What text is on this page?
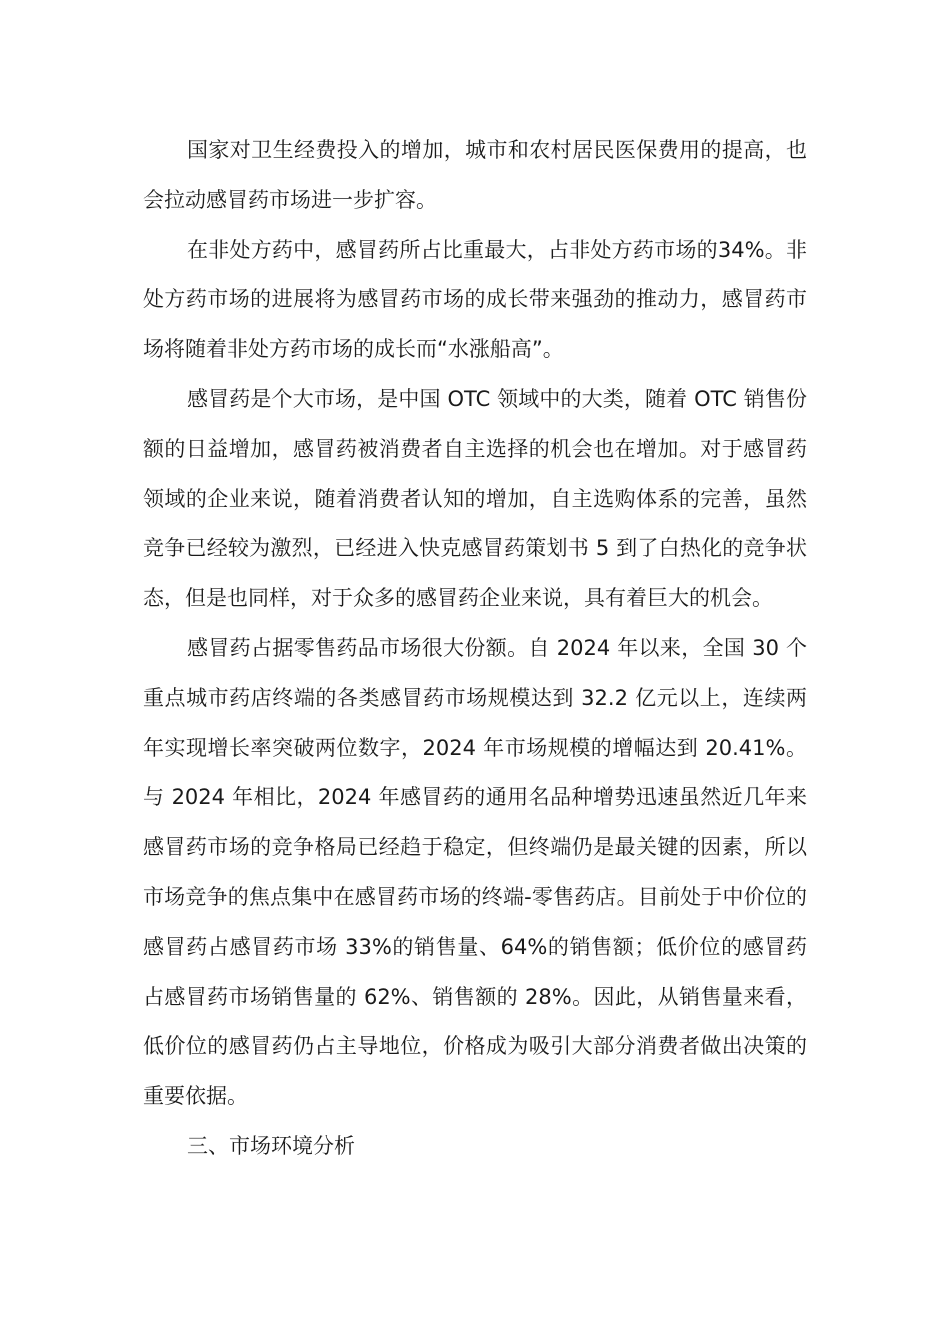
国家对卫生经费投入的增加，城市和农村居民医保费用的提高，也会拉动感冒药市场进一步扩容。

在非处方药中，感冒药所占比重最大，占非处方药市场的34%。非处方药市场的进展将为感冒药市场的成长带来强劲的推动力，感冒药市场将随着非处方药市场的成长而“水涨船高”。

感冒药是个大市场，是中国 OTC 领域中的大类，随着 OTC 销售份额的日益增加，感冒药被消费者自主选择的机会也在增加。对于感冒药领域的企业来说，随着消费者认知的增加，自主选购体系的完善，虽然竞争已经较为激烈，已经进入快克感冒药策划书 5 到了白热化的竞争状态，但是也同样，对于众多的感冒药企业来说，具有着巨大的机会。

感冒药占据零售药品市场很大份额。自 2024 年以来，全国 30 个重点城市药店终端的各类感冒药市场规模达到 32.2 亿元以上，连续两年实现增长率突破两位数字，2024 年市场规模的增幅达到 20.41%。与 2024 年相比，2024 年感冒药的通用名品种增势迅速虽然近几年来感冒药市场的竞争格局已经趋于稳定，但终端仍是最关键的因素，所以市场竞争的焦点集中在感冒药市场的终端-零售药店。目前处于中价位的感冒药占感冒药市场 33%的销售量、64%的销售额；低价位的感冒药占感冒药市场销售量的 62%、销售额的 28%。因此，从销售量来看，低价位的感冒药仍占主导地位，价格成为吸引大部分消费者做出决策的重要依据。

三、市场环境分析
